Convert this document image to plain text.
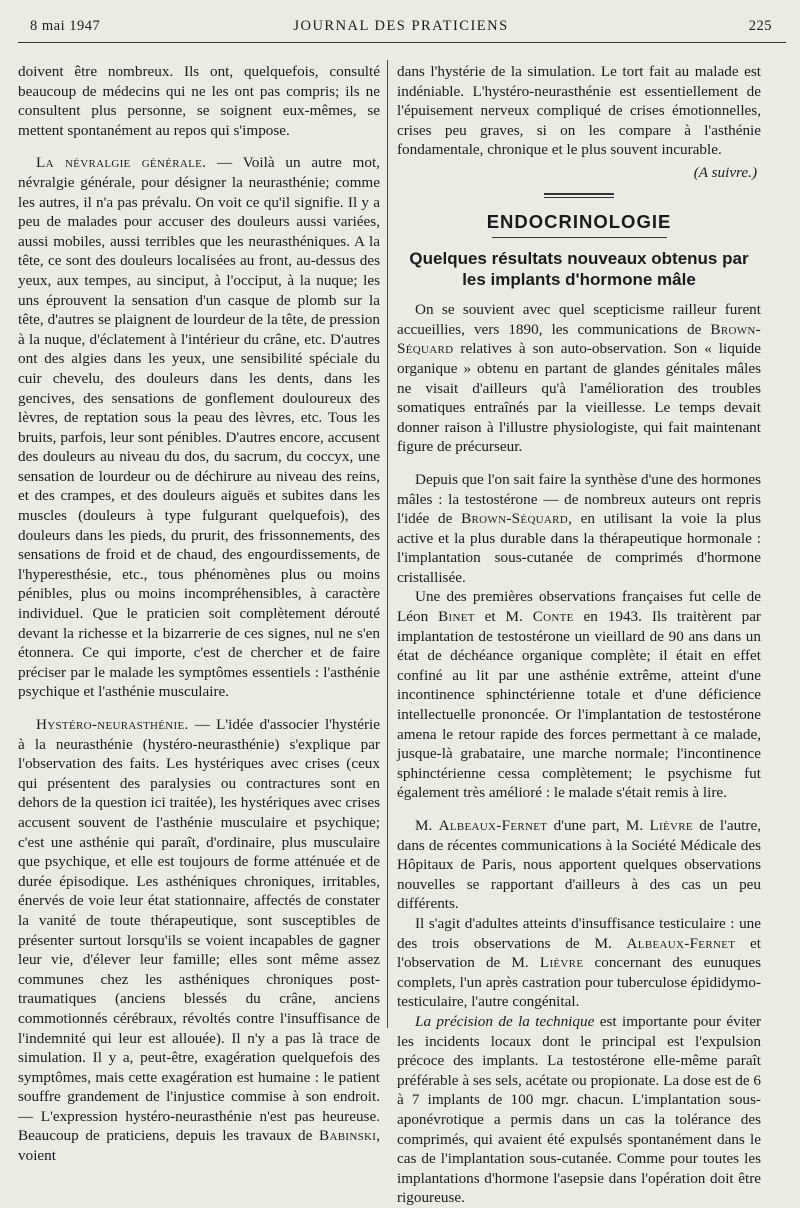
8 mai 1947	JOURNAL DES PRATICIENS	225

doivent être nombreux. Ils ont, quelquefois, consulté beaucoup de médecins qui ne les ont pas compris; ils ne consultent plus personne, se soignent eux-mêmes, se mettent spontanément au repos qui s'impose.

La névralgie générale. — Voilà un autre mot, névralgie générale, pour désigner la neurasthénie; comme les autres, il n'a pas prévalu. On voit ce qu'il signifie. Il y a peu de malades pour accuser des douleurs aussi variées, aussi mobiles, aussi terribles que les neurasthéniques. A la tête, ce sont des douleurs localisées au front, au-dessus des yeux, aux tempes, au sinciput, à l'occiput, à la nuque; les uns éprouvent la sensation d'un casque de plomb sur la tête, d'autres se plaignent de lourdeur de la tête, de pression à la nuque, d'éclatement à l'intérieur du crâne, etc. D'autres ont des algies dans les yeux, une sensibilité spéciale du cuir chevelu, des douleurs dans les dents, dans les gencives, des sensations de gonflement douloureux des lèvres, de reptation sous la peau des lèvres, etc. Tous les bruits, parfois, leur sont pénibles. D'autres encore, accusent des douleurs au niveau du dos, du sacrum, du coccyx, une sensation de lourdeur ou de déchirure au niveau des reins, et des crampes, et des douleurs aiguës et subites dans les muscles (douleurs à type fulgurant quelquefois), des douleurs dans les pieds, du prurit, des frissonnements, des sensations de froid et de chaud, des engourdissements, de l'hyperesthésie, etc., tous phénomènes plus ou moins pénibles, plus ou moins incompréhensibles, à caractère individuel. Que le praticien soit complètement dérouté devant la richesse et la bizarrerie de ces signes, nul ne s'en étonnera. Ce qui importe, c'est de chercher et de faire préciser par le malade les symptômes essentiels : l'asthénie psychique et l'asthénie musculaire.

Hystéro-neurasthénie. — L'idée d'associer l'hystérie à la neurasthénie (hystéro-neurasthénie) s'explique par l'observation des faits. Les hystériques avec crises (ceux qui présentent des paralysies ou contractures sont en dehors de la question ici traitée), les hystériques avec crises accusent souvent de l'asthénie musculaire et psychique; c'est une asthénie qui paraît, d'ordinaire, plus musculaire que psychique, et elle est toujours de forme atténuée et de durée épisodique. Les asthéniques chroniques, irritables, énervés de voie leur état stationnaire, affectés de constater la vanité de toute thérapeutique, sont susceptibles de présenter surtout lorsqu'ils se voient incapables de gagner leur vie, d'élever leur famille; elles sont même assez communes chez les asthéniques chroniques post-traumatiques (anciens blessés du crâne, anciens commotionnés cérébraux, révoltés contre l'insuffisance de l'indemnité qui leur est allouée). Il n'y a pas là trace de simulation. Il y a, peut-être, exagération quelquefois des symptômes, mais cette exagération est humaine : le patient souffre grandement de l'injustice commise à son endroit. — L'expression hystéro-neurasthénie n'est pas heureuse. Beaucoup de praticiens, depuis les travaux de Babinski, voient

dans l'hystérie de la simulation. Le tort fait au malade est indéniable. L'hystéro-neurasthénie est essentiellement de l'épuisement nerveux compliqué de crises émotionnelles, crises peu graves, si on les compare à l'asthénie fondamentale, chronique et le plus souvent incurable.

(A suivre.)

ENDOCRINOLOGIE
Quelques résultats nouveaux obtenus par les implants d'hormone mâle

On se souvient avec quel scepticisme railleur furent accueillies, vers 1890, les communications de Brown-Séquard relatives à son auto-observation. Son « liquide organique » obtenu en partant de glandes génitales mâles ne visait d'ailleurs qu'à l'amélioration des troubles somatiques entraînés par la vieillesse. Le temps devait donner raison à l'illustre physiologiste, qui fait maintenant figure de précurseur.

Depuis que l'on sait faire la synthèse d'une des hormones mâles : la testostérone — de nombreux auteurs ont repris l'idée de Brown-Séquard, en utilisant la voie la plus active et la plus durable dans la thérapeutique hormonale : l'implantation sous-cutanée de comprimés d'hormone cristallisée.

Une des premières observations françaises fut celle de Léon Binet et M. Conte en 1943. Ils traitèrent par implantation de testostérone un vieillard de 90 ans dans un état de déchéance organique complète; il était en effet confiné au lit par une asthénie extrême, atteint d'une incontinence sphinctérienne totale et d'une déficience intellectuelle prononcée. Or l'implantation de testostérone amena le retour rapide des forces permettant à ce malade, jusque-là grabataire, une marche normale; l'incontinence sphinctérienne cessa complètement; le psychisme fut également très amélioré : le malade s'était remis à lire.

M. Albeaux-Fernet d'une part, M. Lièvre de l'autre, dans de récentes communications à la Société Médicale des Hôpitaux de Paris, nous apportent quelques observations nouvelles se rapportant d'ailleurs à des cas un peu différents.

Il s'agit d'adultes atteints d'insuffisance testiculaire : une des trois observations de M. Albeaux-Fernet et l'observation de M. Lièvre concernant des eunuques complets, l'un après castration pour tuberculose épididymo-testiculaire, l'autre congénital.

La précision de la technique est importante pour éviter les incidents locaux dont le principal est l'expulsion précoce des implants. La testostérone elle-même paraît préférable à ses sels, acétate ou propionate. La dose est de 6 à 7 implants de 100 mgr. chacun. L'implantation sous-aponévrotique a permis dans un cas la tolérance des comprimés, qui avaient été expulsés spontanément dans le cas de l'implantation sous-cutanée. Comme pour toutes les implantations d'hormone l'asepsie dans l'opération doit être rigoureuse.
